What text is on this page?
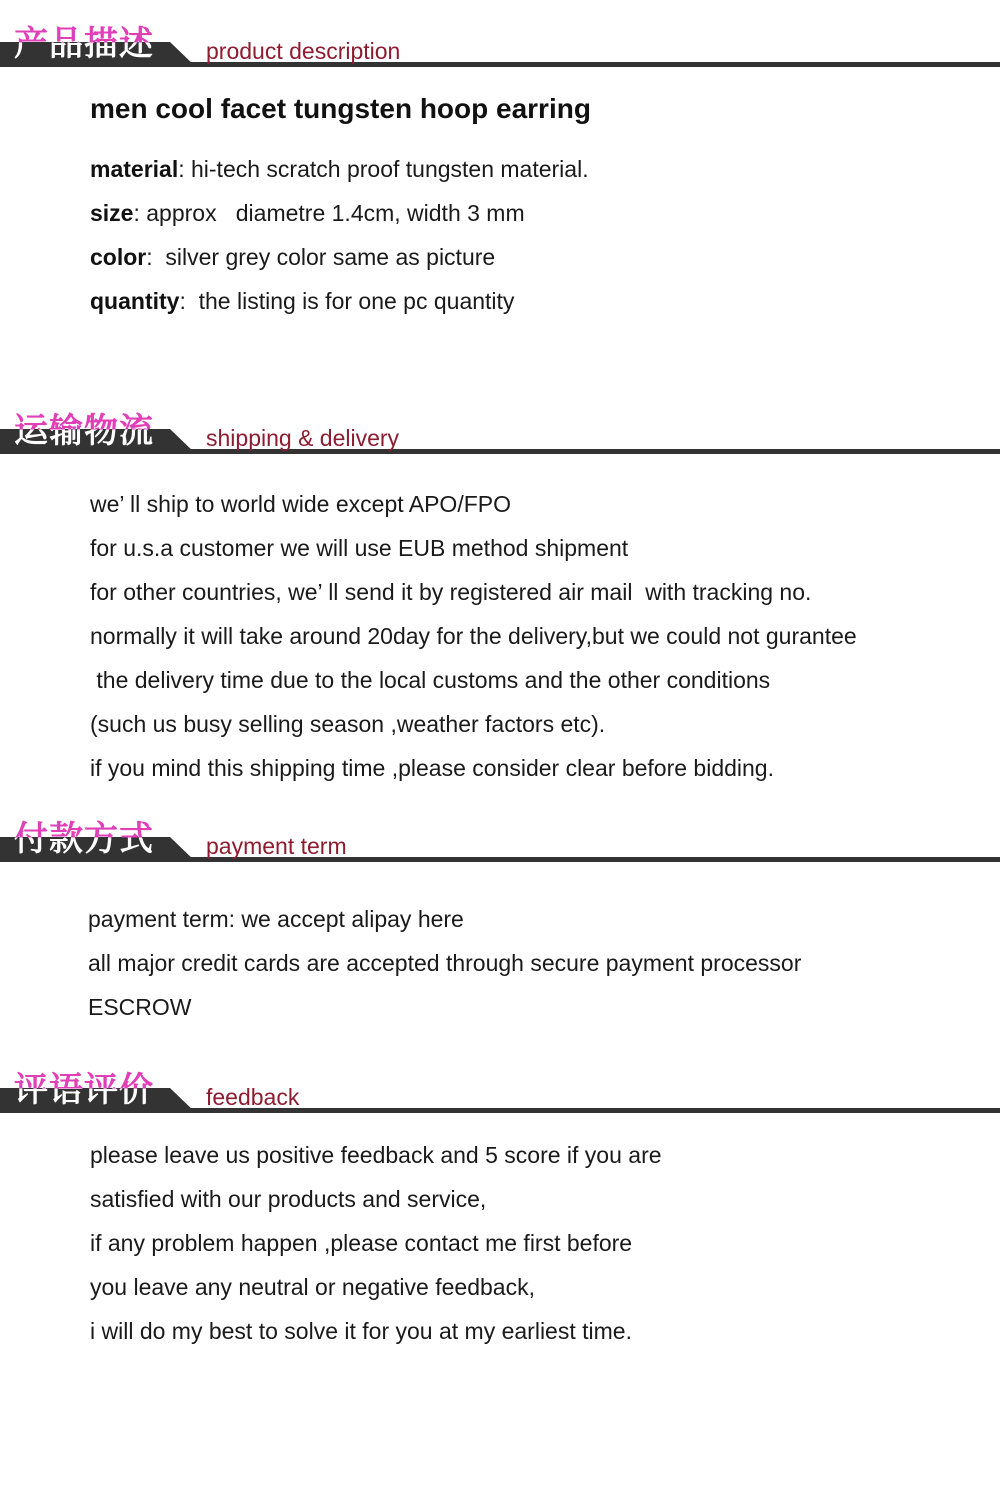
产品描述 product description
men cool facet tungsten hoop earring

material: hi-tech scratch proof tungsten material.

size: approx   diametre 1.4cm, width 3 mm

color:  silver grey color same as picture

quantity:  the listing is for one pc quantity

运输物流 shipping & delivery

we’ ll ship to world wide except APO/FPO

for u.s.a customer we will use EUB method shipment

for other countries, we’ ll send it by registered air mail  with tracking no.

normally it will take around 20day for the delivery,but we could not gurantee

the delivery time due to the local customs and the other conditions

(such us busy selling season ,weather factors etc).

if you mind this shipping time ,please consider clear before bidding.

付款方式 payment term

payment term: we accept alipay here

all major credit cards are accepted through secure payment processor

ESCROW

评语评价 feedback

please leave us positive feedback and 5 score if you are

satisfied with our products and service,

if any problem happen ,please contact me first before

you leave any neutral or negative feedback,

i will do my best to solve it for you at my earliest time.
